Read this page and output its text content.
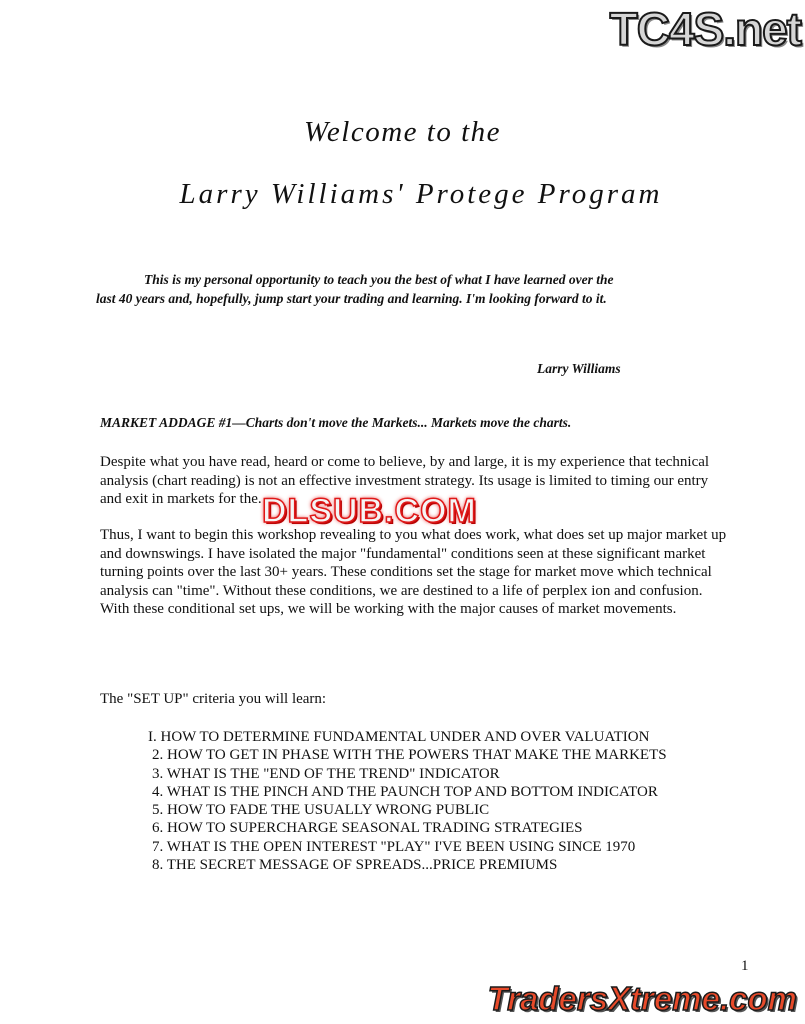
TC4S.net
Welcome to the
Larry Williams' Protege Program
This is my personal opportunity to teach you the best of what I have learned over the
last 40 years and, hopefully, jump start your trading and learning. I'm looking forward to it.
Larry Williams
MARKET ADDAGE #1—Charts don't move the Markets... Markets move the charts.
Despite what you have read, heard or come to believe, by and large, it is my experience that technical analysis (chart reading) is not an effective investment strategy. Its usage is limited to timing our entry and exit in markets for the. DLSUB.COM
Thus, I want to begin this workshop revealing to you what does work, what does set up major market up and downswings. I have isolated the major "fundamental" conditions seen at these significant market turning points over the last 30+ years. These conditions set the stage for market move which technical analysis can "time". Without these conditions, we are destined to a life of perplex ion and confusion. With these conditional set ups, we will be working with the major causes of market movements.
The "SET UP" criteria you will learn:
I. HOW TO DETERMINE FUNDAMENTAL UNDER AND OVER VALUATION
2. HOW TO GET IN PHASE WITH THE POWERS THAT MAKE THE MARKETS
3. WHAT IS THE "END OF THE TREND" INDICATOR
4. WHAT IS THE PINCH AND THE PAUNCH TOP AND BOTTOM INDICATOR
5. HOW TO FADE THE USUALLY WRONG PUBLIC
6. HOW TO SUPERCHARGE SEASONAL TRADING STRATEGIES
7. WHAT IS THE OPEN INTEREST "PLAY" I'VE BEEN USING SINCE 1970
8. THE SECRET MESSAGE OF SPREADS...PRICE PREMIUMS
1
TradersXtreme.com
